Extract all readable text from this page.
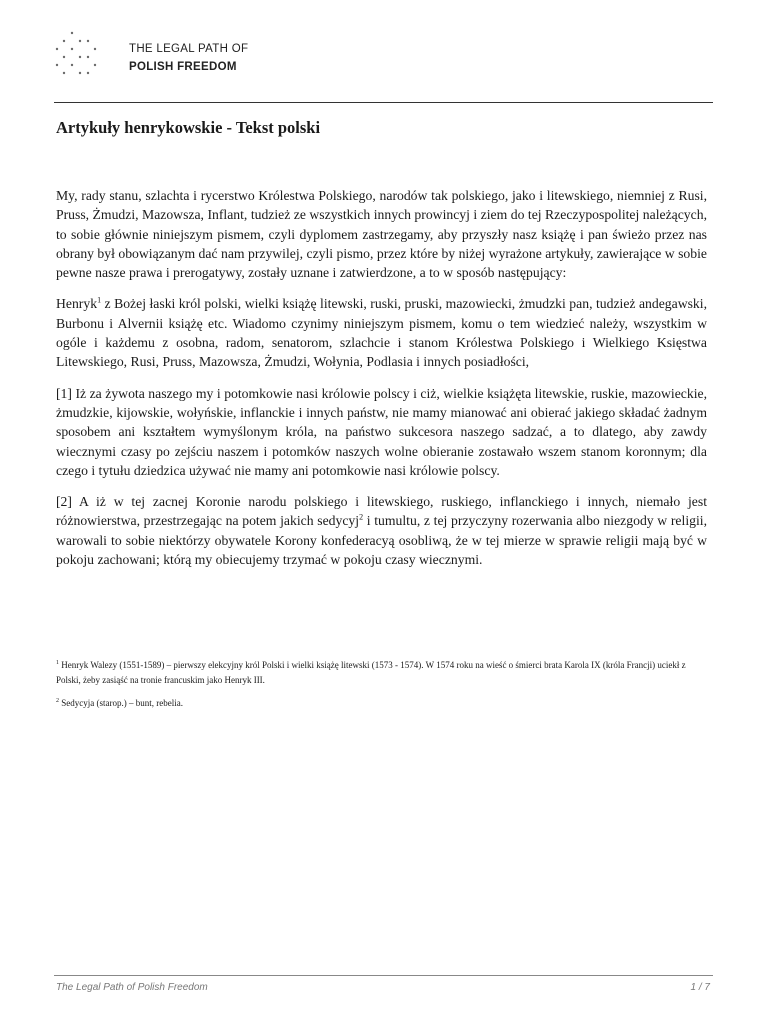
THE LEGAL PATH OF
POLISH FREEDOM
Artykuły henrykowskie - Tekst polski

My, rady stanu, szlachta i rycerstwo Królestwa Polskiego, narodów tak polskiego, jako i litewskiego, niemniej z Rusi, Pruss, Żmudzi, Mazowsza, Inflant, tudzież ze wszystkich innych prowincyj i ziem do tej Rzeczypospolitej należących, to sobie głównie niniejszym pismem, czyli dyplomem zastrzegamy, aby przyszły nasz książę i pan świeżo przez nas obrany był obowiązanym dać nam przywilej, czyli pismo, przez które by niżej wyrażone artykuły, zawierające w sobie pewne nasze prawa i prerogatywy, zostały uznane i zatwierdzone, a to w sposób następujący:

Henryk$^1$ z Bożej łaski król polski, wielki książę litewski, ruski, pruski, mazowiecki, żmudzki pan, tudzież andegawski, Burbonu i Alvernii książę etc. Wiadomo czynimy niniejszym pismem, komu o tem wiedzieć należy, wszystkim w ogóle i każdemu z osobna, radom, senatorom, szlachcie i stanom Królestwa Polskiego i Wielkiego Księstwa Litewskiego, Rusi, Pruss, Mazowsza, Żmudzi, Wołynia, Podlasia i innych posiadłości,

[1] Iż za żywota naszego my i potomkowie nasi królowie polscy i ciż, wielkie książęta litewskie, ruskie, mazowieckie, żmudzkie, kijowskie, wołyńskie, inflanckie i innych państw, nie mamy mianować ani obierać jakiego składać żadnym sposobem ani kształtem wymyślonym króla, na państwo sukcesora naszego sadzać, a to dlatego, aby zawdy wiecznymi czasy po zejściu naszem i potomków naszych wolne obieranie zostawało wszem stanom koronnym; dla czego i tytułu dziedzica używać nie mamy ani potomkowie nasi królowie polscy.

[2] A iż w tej zacnej Koronie narodu polskiego i litewskiego, ruskiego, inflanckiego i innych, niemało jest różnowierstwa, przestrzegając na potem jakich sedycyj$^2$ i tumultu, z tej przyczyny rozerwania albo niezgody w religii, warowali to sobie niektórzy obywatele Korony konfederacyą osobliwą, że w tej mierze w sprawie religii mają być w pokoju zachowani; którą my obiecujemy trzymać w pokoju czasy wiecznymi.

$^1$ Henryk Walezy (1551-1589) – pierwszy elekcyjny król Polski i wielki książę litewski (1573 - 1574). W 1574 roku na wieść o śmierci brata Karola IX (króla Francji) uciekł z Polski, żeby zasiąść na tronie francuskim jako Henryk III.

$^2$ Sedycyja (starop.) – bunt, rebelia.

The Legal Path of Polish Freedom	1 / 7
